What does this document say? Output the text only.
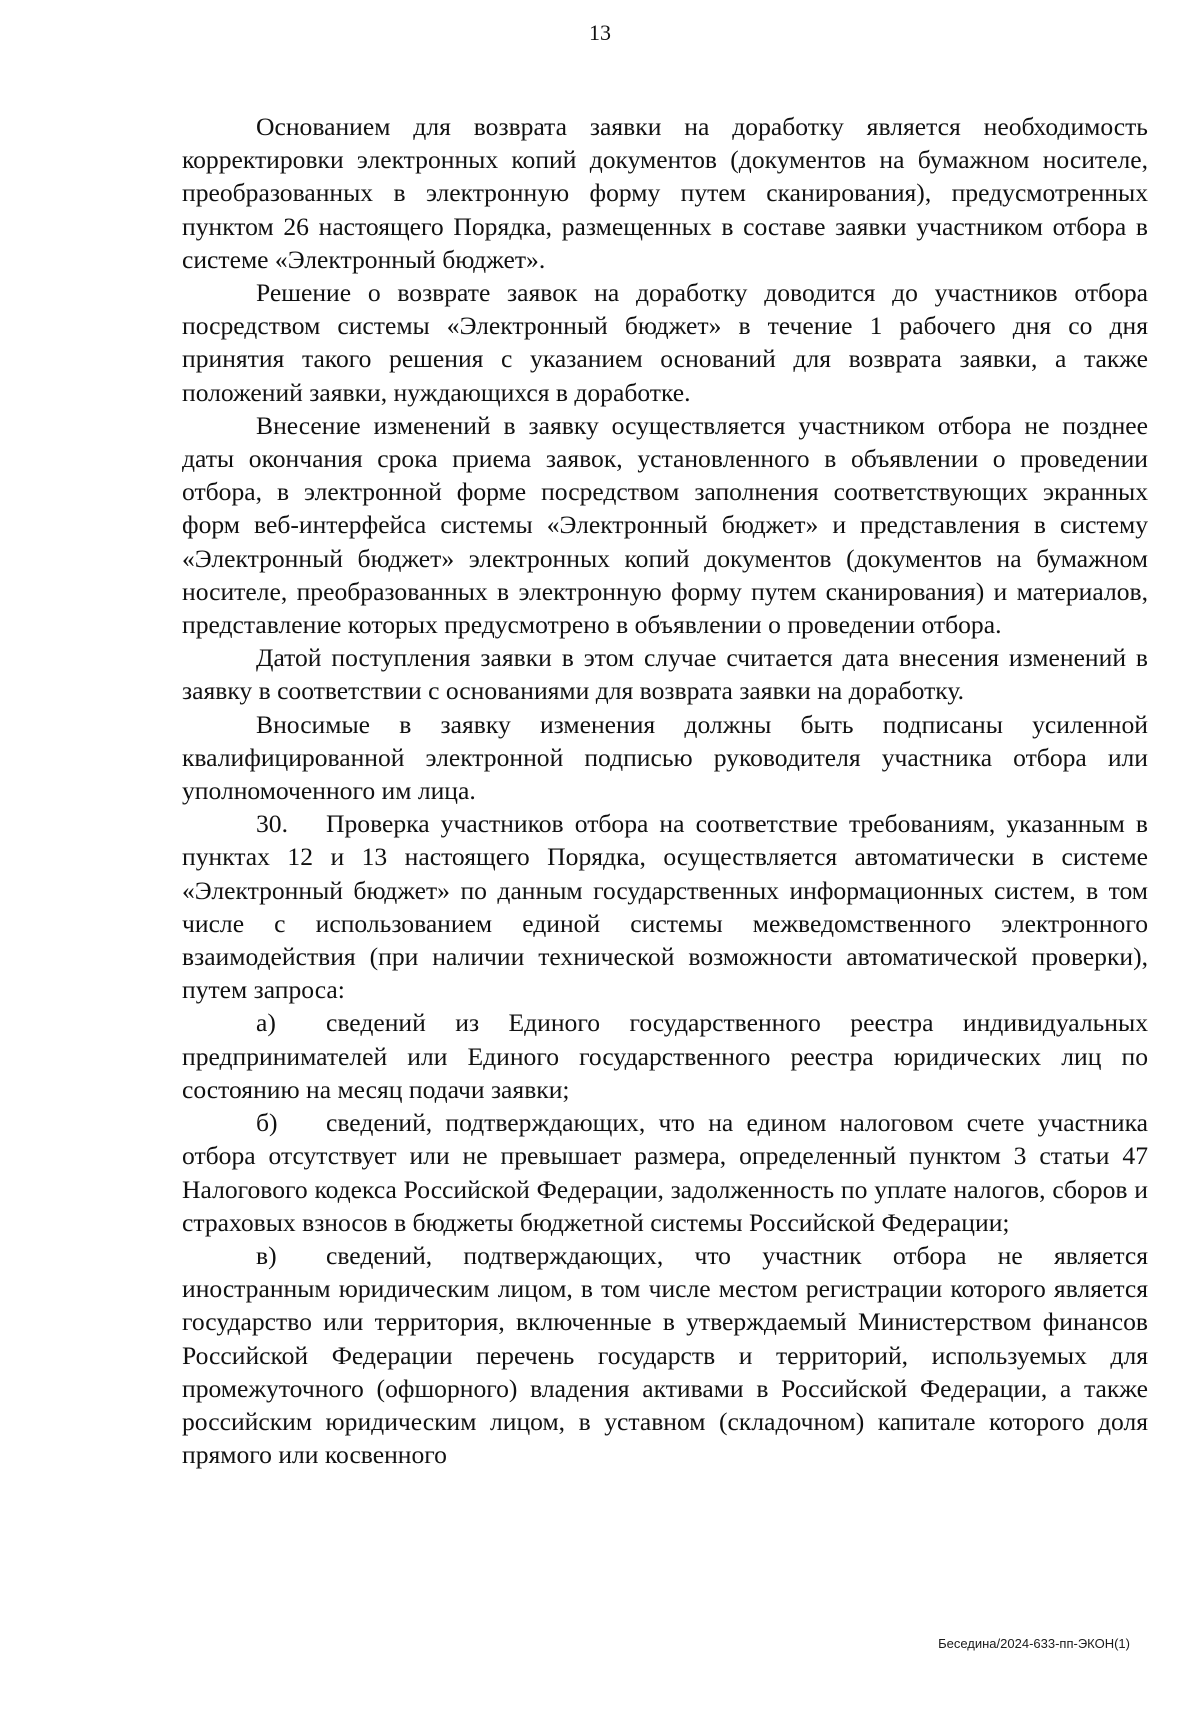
13

Основанием для возврата заявки на доработку является необходимость корректировки электронных копий документов (документов на бумажном носителе, преобразованных в электронную форму путем сканирования), предусмотренных пунктом 26 настоящего Порядка, размещенных в составе заявки участником отбора в системе «Электронный бюджет».

Решение о возврате заявок на доработку доводится до участников отбора посредством системы «Электронный бюджет» в течение 1 рабочего дня со дня принятия такого решения с указанием оснований для возврата заявки, а также положений заявки, нуждающихся в доработке.

Внесение изменений в заявку осуществляется участником отбора не позднее даты окончания срока приема заявок, установленного в объявлении о проведении отбора, в электронной форме посредством заполнения соответствующих экранных форм веб-интерфейса системы «Электронный бюджет» и представления в систему «Электронный бюджет» электронных копий документов (документов на бумажном носителе, преобразованных в электронную форму путем сканирования) и материалов, представление которых предусмотрено в объявлении о проведении отбора.

Датой поступления заявки в этом случае считается дата внесения изменений в заявку в соответствии с основаниями для возврата заявки на доработку.

Вносимые в заявку изменения должны быть подписаны усиленной квалифицированной электронной подписью руководителя участника отбора или уполномоченного им лица.

30. Проверка участников отбора на соответствие требованиям, указанным в пунктах 12 и 13 настоящего Порядка, осуществляется автоматически в системе «Электронный бюджет» по данным государственных информационных систем, в том числе с использованием единой системы межведомственного электронного взаимодействия (при наличии технической возможности автоматической проверки), путем запроса:

а) сведений из Единого государственного реестра индивидуальных предпринимателей или Единого государственного реестра юридических лиц по состоянию на месяц подачи заявки;

б) сведений, подтверждающих, что на едином налоговом счете участника отбора отсутствует или не превышает размера, определенный пунктом 3 статьи 47 Налогового кодекса Российской Федерации, задолженность по уплате налогов, сборов и страховых взносов в бюджеты бюджетной системы Российской Федерации;

в) сведений, подтверждающих, что участник отбора не является иностранным юридическим лицом, в том числе местом регистрации которого является государство или территория, включенные в утверждаемый Министерством финансов Российской Федерации перечень государств и территорий, используемых для промежуточного (офшорного) владения активами в Российской Федерации, а также российским юридическим лицом, в уставном (складочном) капитале которого доля прямого или косвенного

Беседина/2024-633-пп-ЭКОН(1)
